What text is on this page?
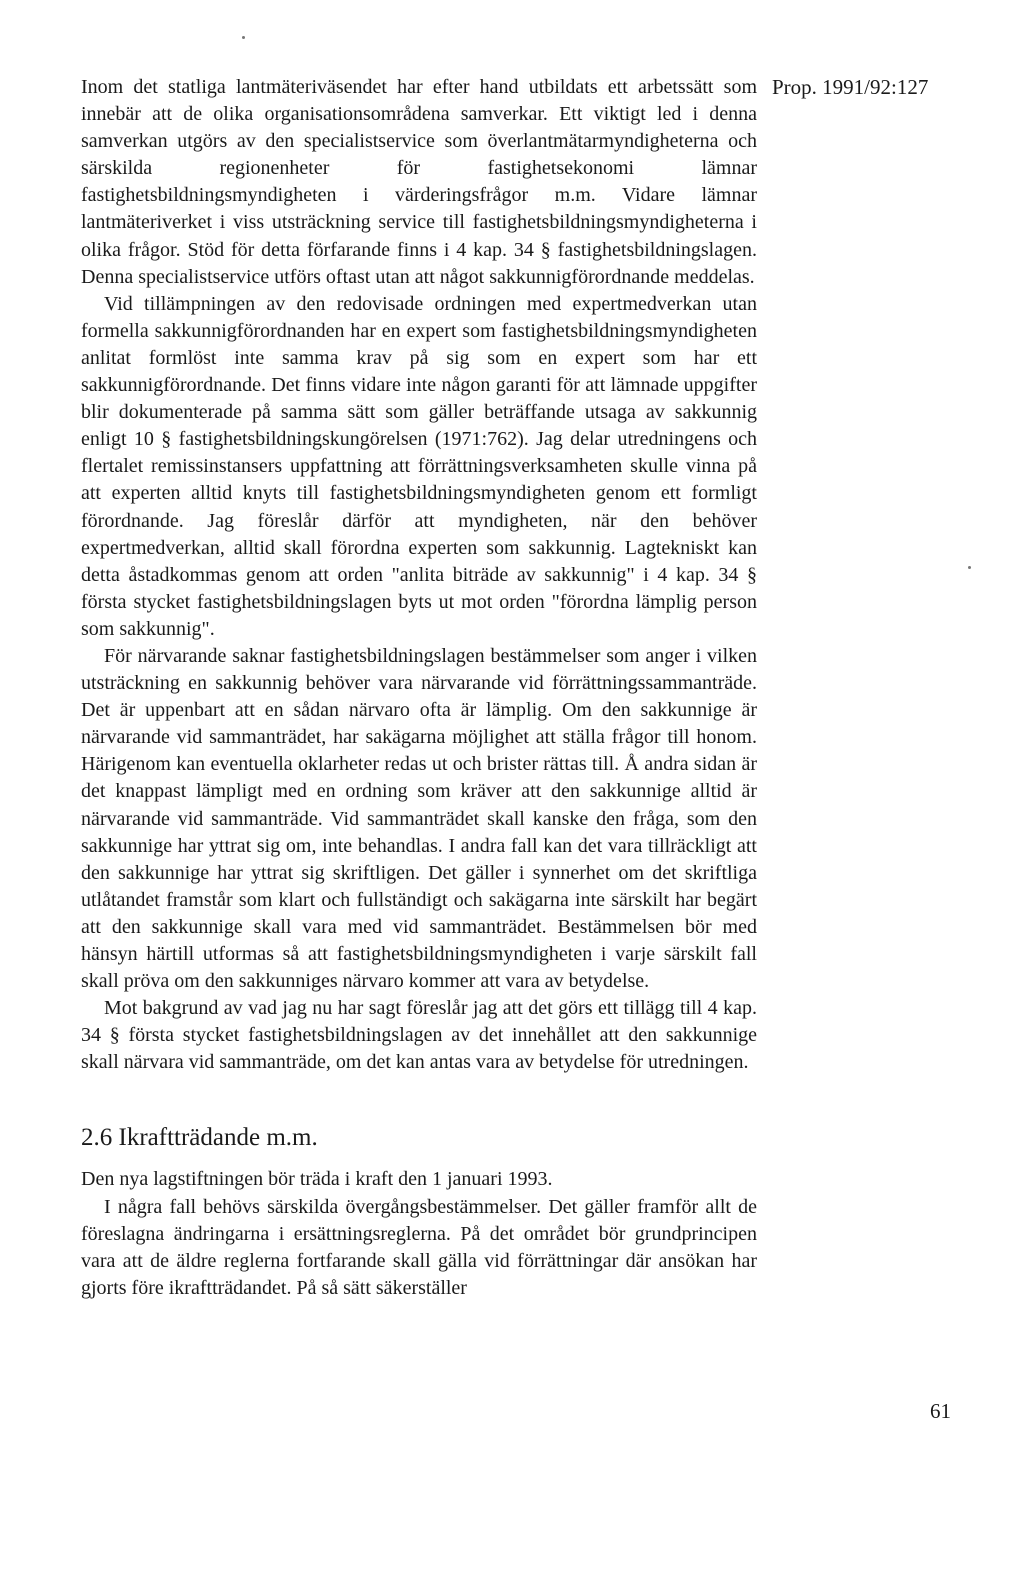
Prop. 1991/92:127

Inom det statliga lantmäteriväsendet har efter hand utbildats ett arbetssätt som innebär att de olika organisationsområdena samverkar. Ett viktigt led i denna samverkan utgörs av den specialistservice som överlantmätarmyndigheterna och särskilda regionenheter för fastighetsekonomi lämnar fastighetsbildningsmyndigheten i värderingsfrågor m.m. Vidare lämnar lantmäteriverket i viss utsträckning service till fastighetsbildningsmyndigheterna i olika frågor. Stöd för detta förfarande finns i 4 kap. 34 § fastighetsbildningslagen. Denna specialistservice utförs oftast utan att något sakkunnigförordnande meddelas.

Vid tillämpningen av den redovisade ordningen med expertmedverkan utan formella sakkunnigförordnanden har en expert som fastighetsbildningsmyndigheten anlitat formlöst inte samma krav på sig som en expert som har ett sakkunnigförordnande. Det finns vidare inte någon garanti för att lämnade uppgifter blir dokumenterade på samma sätt som gäller beträffande utsaga av sakkunnig enligt 10 § fastighetsbildningskungörelsen (1971:762). Jag delar utredningens och flertalet remissinstansers uppfattning att förrättningsverksamheten skulle vinna på att experten alltid knyts till fastighetsbildningsmyndigheten genom ett formligt förordnande. Jag föreslår därför att myndigheten, när den behöver expertmedverkan, alltid skall förordna experten som sakkunnig. Lagtekniskt kan detta åstadkommas genom att orden "anlita biträde av sakkunnig" i 4 kap. 34 § första stycket fastighetsbildningslagen byts ut mot orden "förordna lämplig person som sakkunnig".

För närvarande saknar fastighetsbildningslagen bestämmelser som anger i vilken utsträckning en sakkunnig behöver vara närvarande vid förrättningssammanträde. Det är uppenbart att en sådan närvaro ofta är lämplig. Om den sakkunnige är närvarande vid sammanträdet, har sakägarna möjlighet att ställa frågor till honom. Härigenom kan eventuella oklarheter redas ut och brister rättas till. Å andra sidan är det knappast lämpligt med en ordning som kräver att den sakkunnige alltid är närvarande vid sammanträde. Vid sammanträdet skall kanske den fråga, som den sakkunnige har yttrat sig om, inte behandlas. I andra fall kan det vara tillräckligt att den sakkunnige har yttrat sig skriftligen. Det gäller i synnerhet om det skriftliga utlåtandet framstår som klart och fullständigt och sakägarna inte särskilt har begärt att den sakkunnige skall vara med vid sammanträdet. Bestämmelsen bör med hänsyn härtill utformas så att fastighetsbildningsmyndigheten i varje särskilt fall skall pröva om den sakkunniges närvaro kommer att vara av betydelse.

Mot bakgrund av vad jag nu har sagt föreslår jag att det görs ett tillägg till 4 kap. 34 § första stycket fastighetsbildningslagen av det innehållet att den sakkunnige skall närvara vid sammanträde, om det kan antas vara av betydelse för utredningen.

2.6 Ikraftträdande m.m.

Den nya lagstiftningen bör träda i kraft den 1 januari 1993.

I några fall behövs särskilda övergångsbestämmelser. Det gäller framför allt de föreslagna ändringarna i ersättningsreglerna. På det området bör grundprincipen vara att de äldre reglerna fortfarande skall gälla vid förrättningar där ansökan har gjorts före ikraftträdandet. På så sätt säkerställer

61
